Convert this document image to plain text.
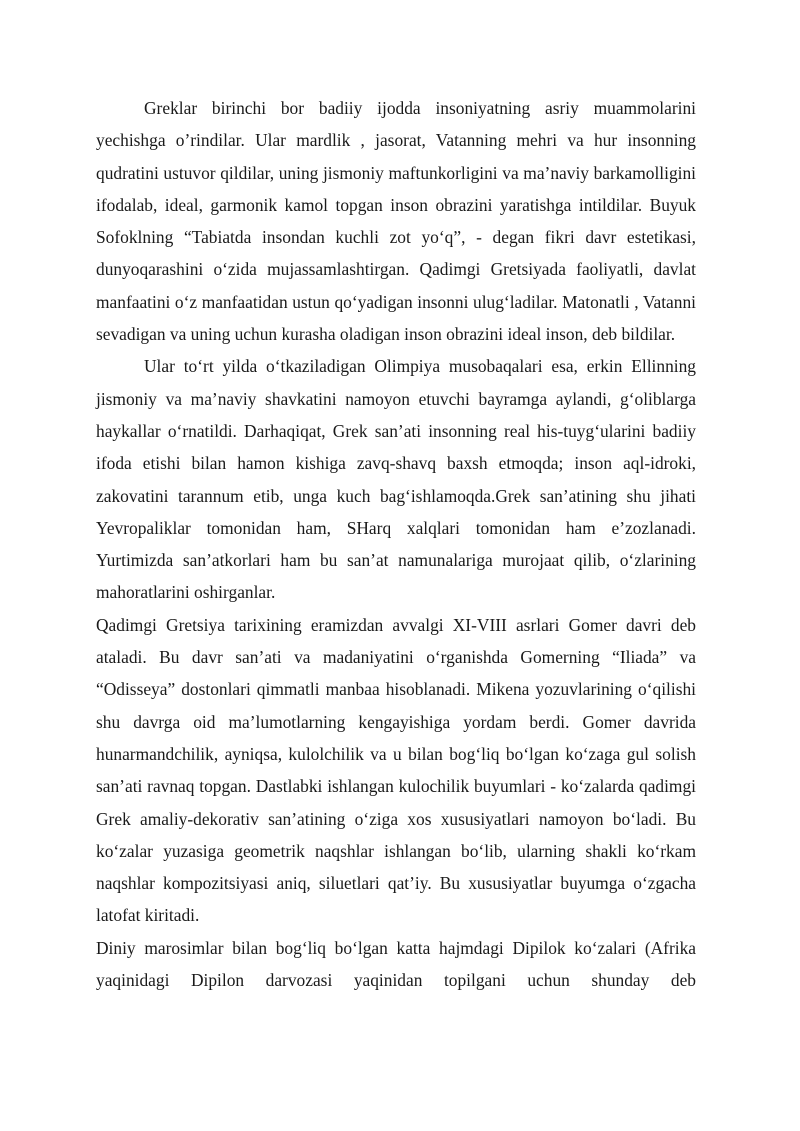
Greklar birinchi bor badiiy ijodda insoniyatning asriy muammolarini yechishga o’rindilar. Ular mardlik , jasorat, Vatanning mehri va hur insonning qudratini ustuvor qildilar, uning jismoniy maftunkorligini va ma’naviy barkamolligini ifodalab, ideal, garmonik kamol topgan inson obrazini yaratishga intildilar. Buyuk Sofoklning “Tabiatda insondan kuchli zot yo‘q”, - degan fikri davr estetikasi, dunyoqarashini o‘zida mujassamlashtirgan. Qadimgi Gretsiyada faoliyatli, davlat manfaatini o‘z manfaatidan ustun qo‘yadigan insonni ulug‘ladilar. Matonatli , Vatanni sevadigan va uning uchun kurasha oladigan inson obrazini ideal inson, deb bildilar.

Ular to‘rt yilda o‘tkaziladigan Olimpiya musobaqalari esa, erkin Ellinning jismoniy va ma’naviy shavkatini namoyon etuvchi bayramga aylandi, g‘oliblarga haykallar o‘rnatildi. Darhaqiqat, Grek san’ati insonning real his-tuyg‘ularini badiiy ifoda etishi bilan hamon kishiga zavq-shavq baxsh etmoqda; inson aql-idroki, zakovatini tarannum etib, unga kuch bag‘ishlamoqda.Grek san’atining shu jihati Yevropaliklar tomonidan ham, SHarq xalqlari tomonidan ham e’zozlanadi. Yurtimizda san’atkorlari ham bu san’at namunalariga murojaat qilib, o‘zlarining mahoratlarini oshirganlar.

Qadimgi Gretsiya tarixining eramizdan avvalgi XI-VIII asrlari Gomer davri deb ataladi. Bu davr san’ati va madaniyatini o‘rganishda Gomerning “Iliada” va “Odisseya” dostonlari qimmatli manbaa hisoblanadi. Mikena yozuvlarining o‘qilishi shu davrga oid ma’lumotlarning kengayishiga yordam berdi. Gomer davrida hunarmandchilik, ayniqsa, kulolchilik va u bilan bog‘liq bo‘lgan ko‘zaga gul solish san’ati ravnaq topgan. Dastlabki ishlangan kulochilik buyumlari - ko‘zalarda qadimgi Grek amaliy-dekorativ san’atining o‘ziga xos xususiyatlari namoyon bo‘ladi. Bu ko‘zalar yuzasiga geometrik naqshlar ishlangan bo‘lib, ularning shakli ko‘rkam naqshlar kompozitsiyasi aniq, siluetlari qat’iy. Bu xususiyatlar buyumga o‘zgacha latofat kiritadi.

Diniy marosimlar bilan bog‘liq bo‘lgan katta hajmdagi Dipilok ko‘zalari (Afrika yaqinidagi Dipilon darvozasi yaqinidan topilgani uchun shunday deb
